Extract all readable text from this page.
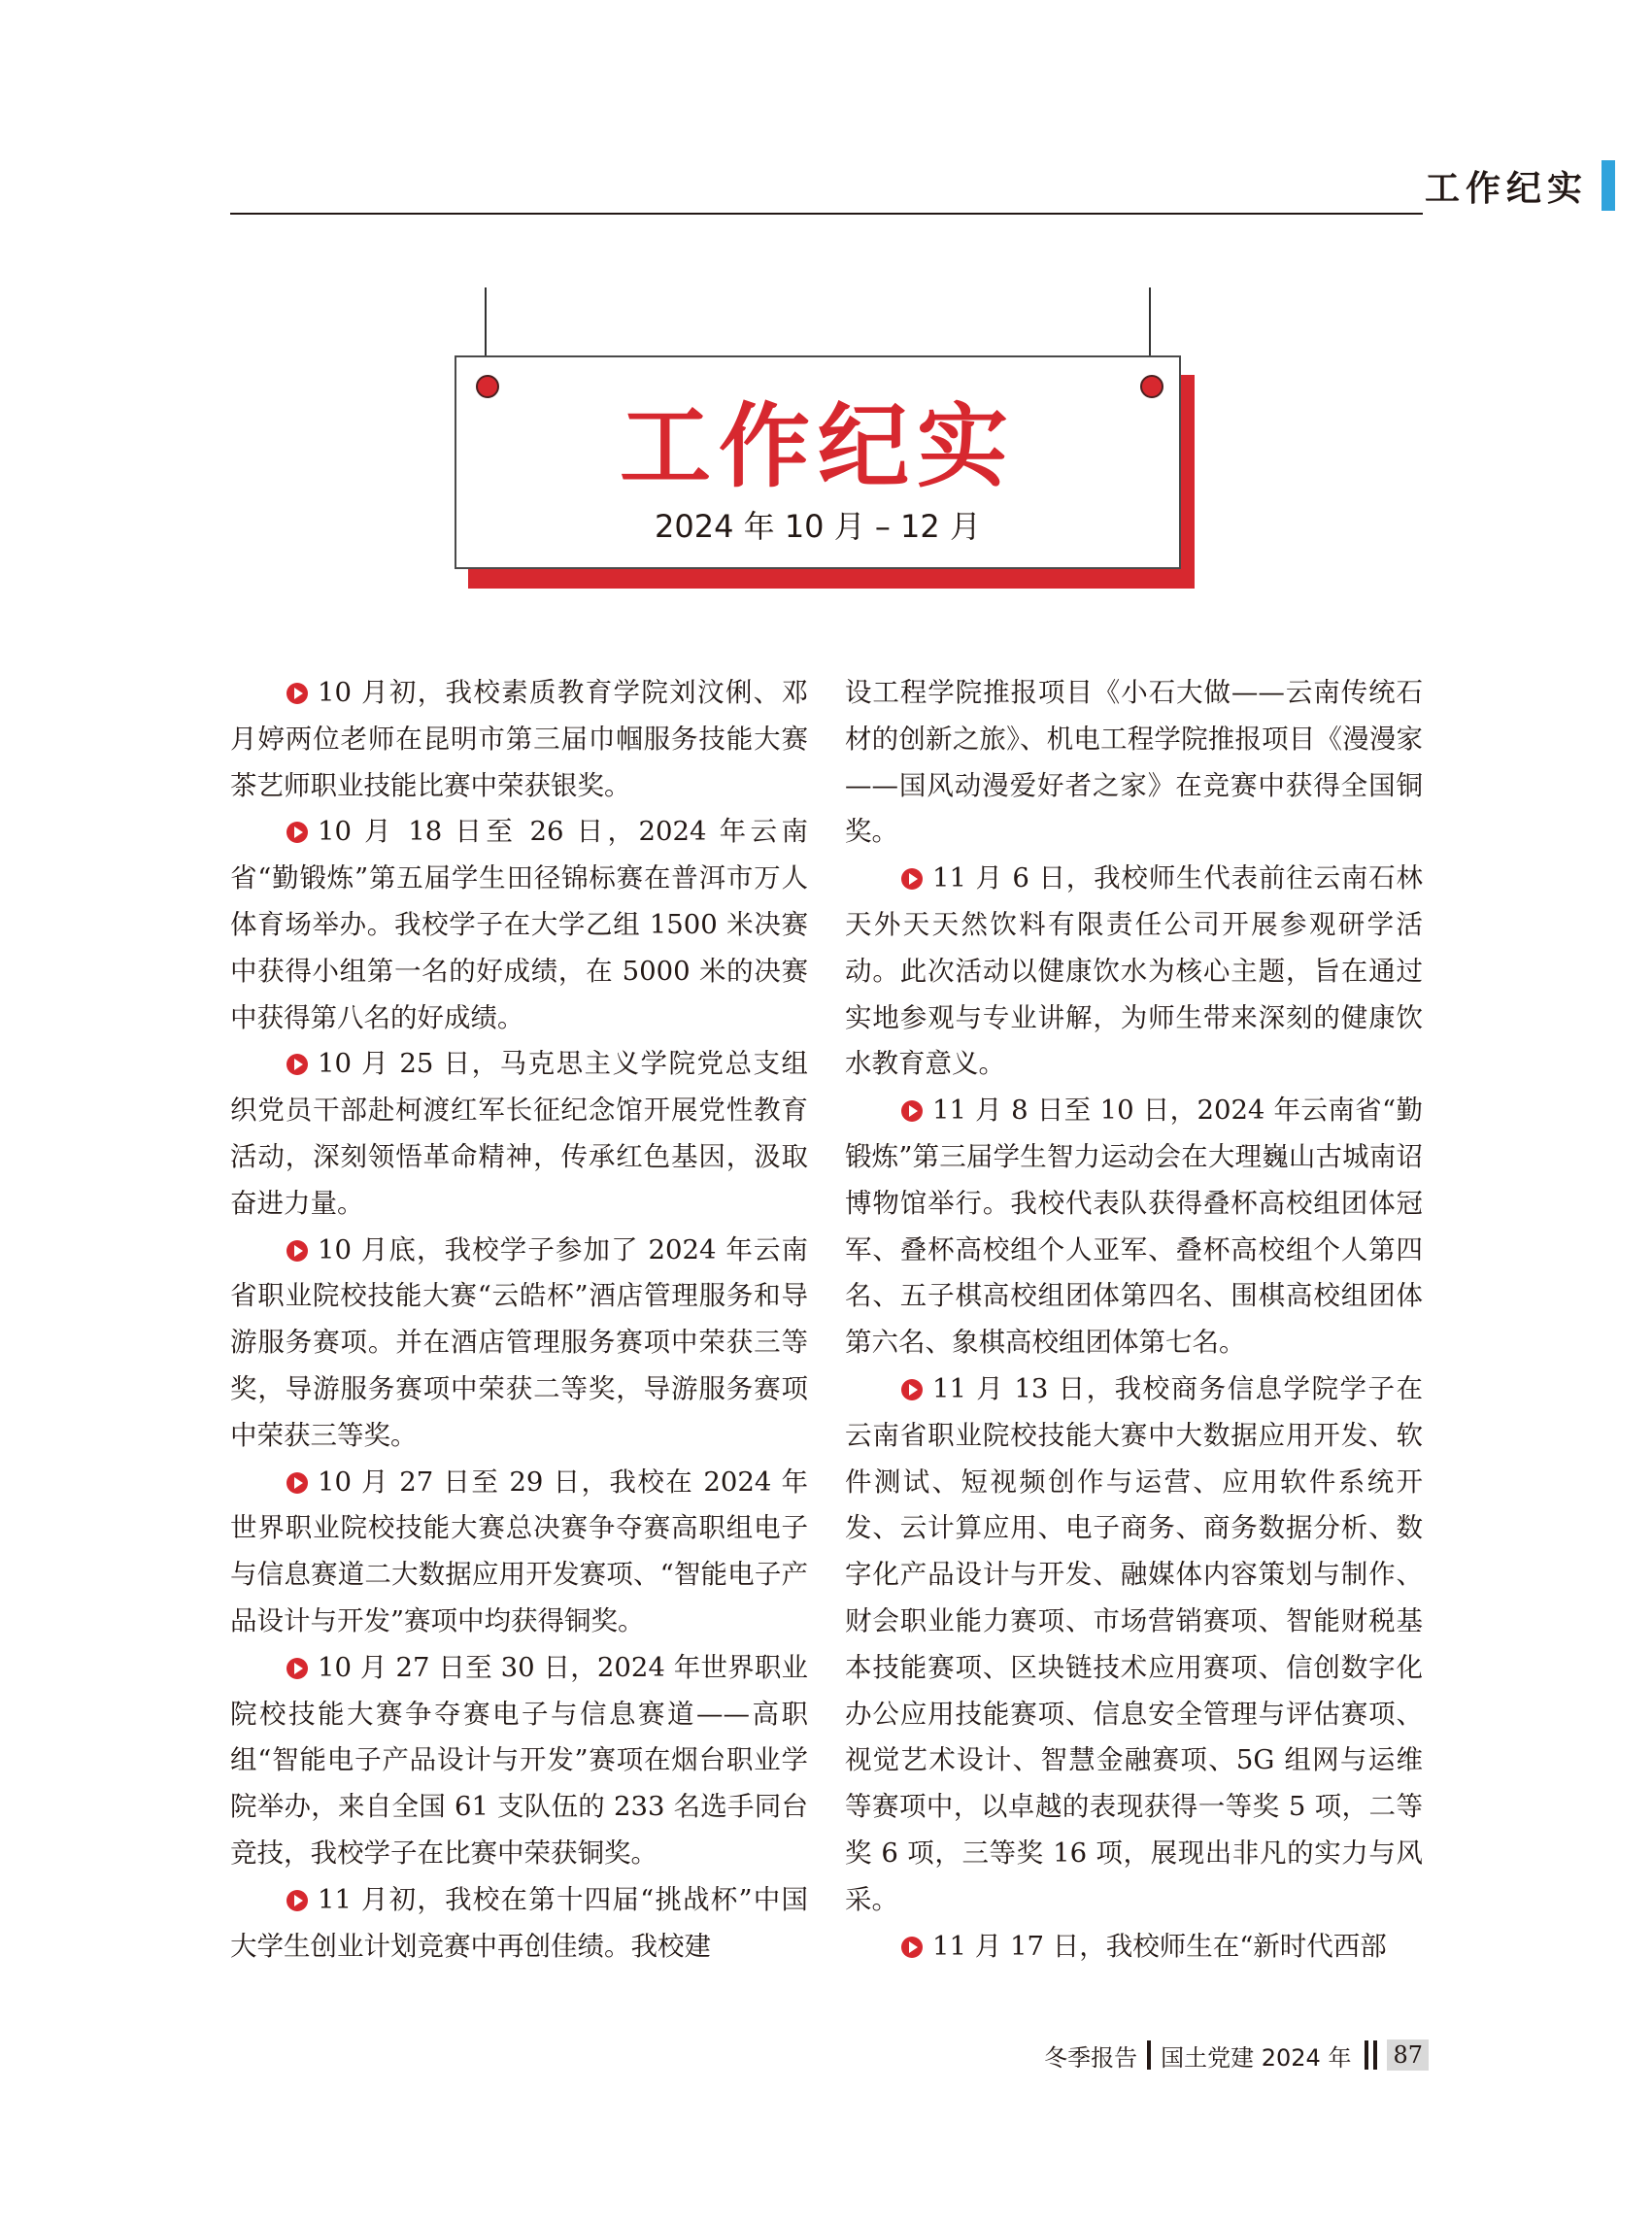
工作纪实
工作纪实
2024 年 10 月 – 12 月

10 月初，我校素质教育学院刘汶俐、邓月婷两位老师在昆明市第三届巾帼服务技能大赛茶艺师职业技能比赛中荣获银奖。

10 月 18 日至 26 日，2024 年云南省“勤锻炼”第五届学生田径锦标赛在普洱市万人体育场举办。我校学子在大学乙组 1500 米决赛中获得小组第一名的好成绩，在 5000 米的决赛中获得第八名的好成绩。

10 月 25 日，马克思主义学院党总支组织党员干部赴柯渡红军长征纪念馆开展党性教育活动，深刻领悟革命精神，传承红色基因，汲取奋进力量。

10 月底，我校学子参加了 2024 年云南省职业院校技能大赛“云皓杯”酒店管理服务和导游服务赛项。并在酒店管理服务赛项中荣获三等奖，导游服务赛项中荣获二等奖，导游服务赛项中荣获三等奖。

10 月 27 日至 29 日，我校在 2024 年世界职业院校技能大赛总决赛争夺赛高职组电子与信息赛道二大数据应用开发赛项、“智能电子产品设计与开发”赛项中均获得铜奖。

10 月 27 日至 30 日，2024 年世界职业院校技能大赛争夺赛电子与信息赛道——高职组“智能电子产品设计与开发”赛项在烟台职业学院举办，来自全国 61 支队伍的 233 名选手同台竞技，我校学子在比赛中荣获铜奖。

11 月初，我校在第十四届“挑战杯”中国大学生创业计划竞赛中再创佳绩。我校建

设工程学院推报项目《小石大做——云南传统石材的创新之旅》、机电工程学院推报项目《漫漫家——国风动漫爱好者之家》在竞赛中获得全国铜奖。

11 月 6 日，我校师生代表前往云南石林天外天天然饮料有限责任公司开展参观研学活动。此次活动以健康饮水为核心主题，旨在通过实地参观与专业讲解，为师生带来深刻的健康饮水教育意义。

11 月 8 日至 10 日，2024 年云南省“勤锻炼”第三届学生智力运动会在大理巍山古城南诏博物馆举行。我校代表队获得叠杯高校组团体冠军、叠杯高校组个人亚军、叠杯高校组个人第四名、五子棋高校组团体第四名、围棋高校组团体第六名、象棋高校组团体第七名。

11 月 13 日，我校商务信息学院学子在云南省职业院校技能大赛中大数据应用开发、软件测试、短视频创作与运营、应用软件系统开发、云计算应用、电子商务、商务数据分析、数字化产品设计与开发、融媒体内容策划与制作、财会职业能力赛项、市场营销赛项、智能财税基本技能赛项、区块链技术应用赛项、信创数字化办公应用技能赛项、信息安全管理与评估赛项、视觉艺术设计、智慧金融赛项、5G 组网与运维等赛项中，以卓越的表现获得一等奖 5 项，二等奖 6 项，三等奖 16 项，展现出非凡的实力与风采。

11 月 17 日，我校师生在“新时代西部

冬季报告 国土党建 2024 年 87
